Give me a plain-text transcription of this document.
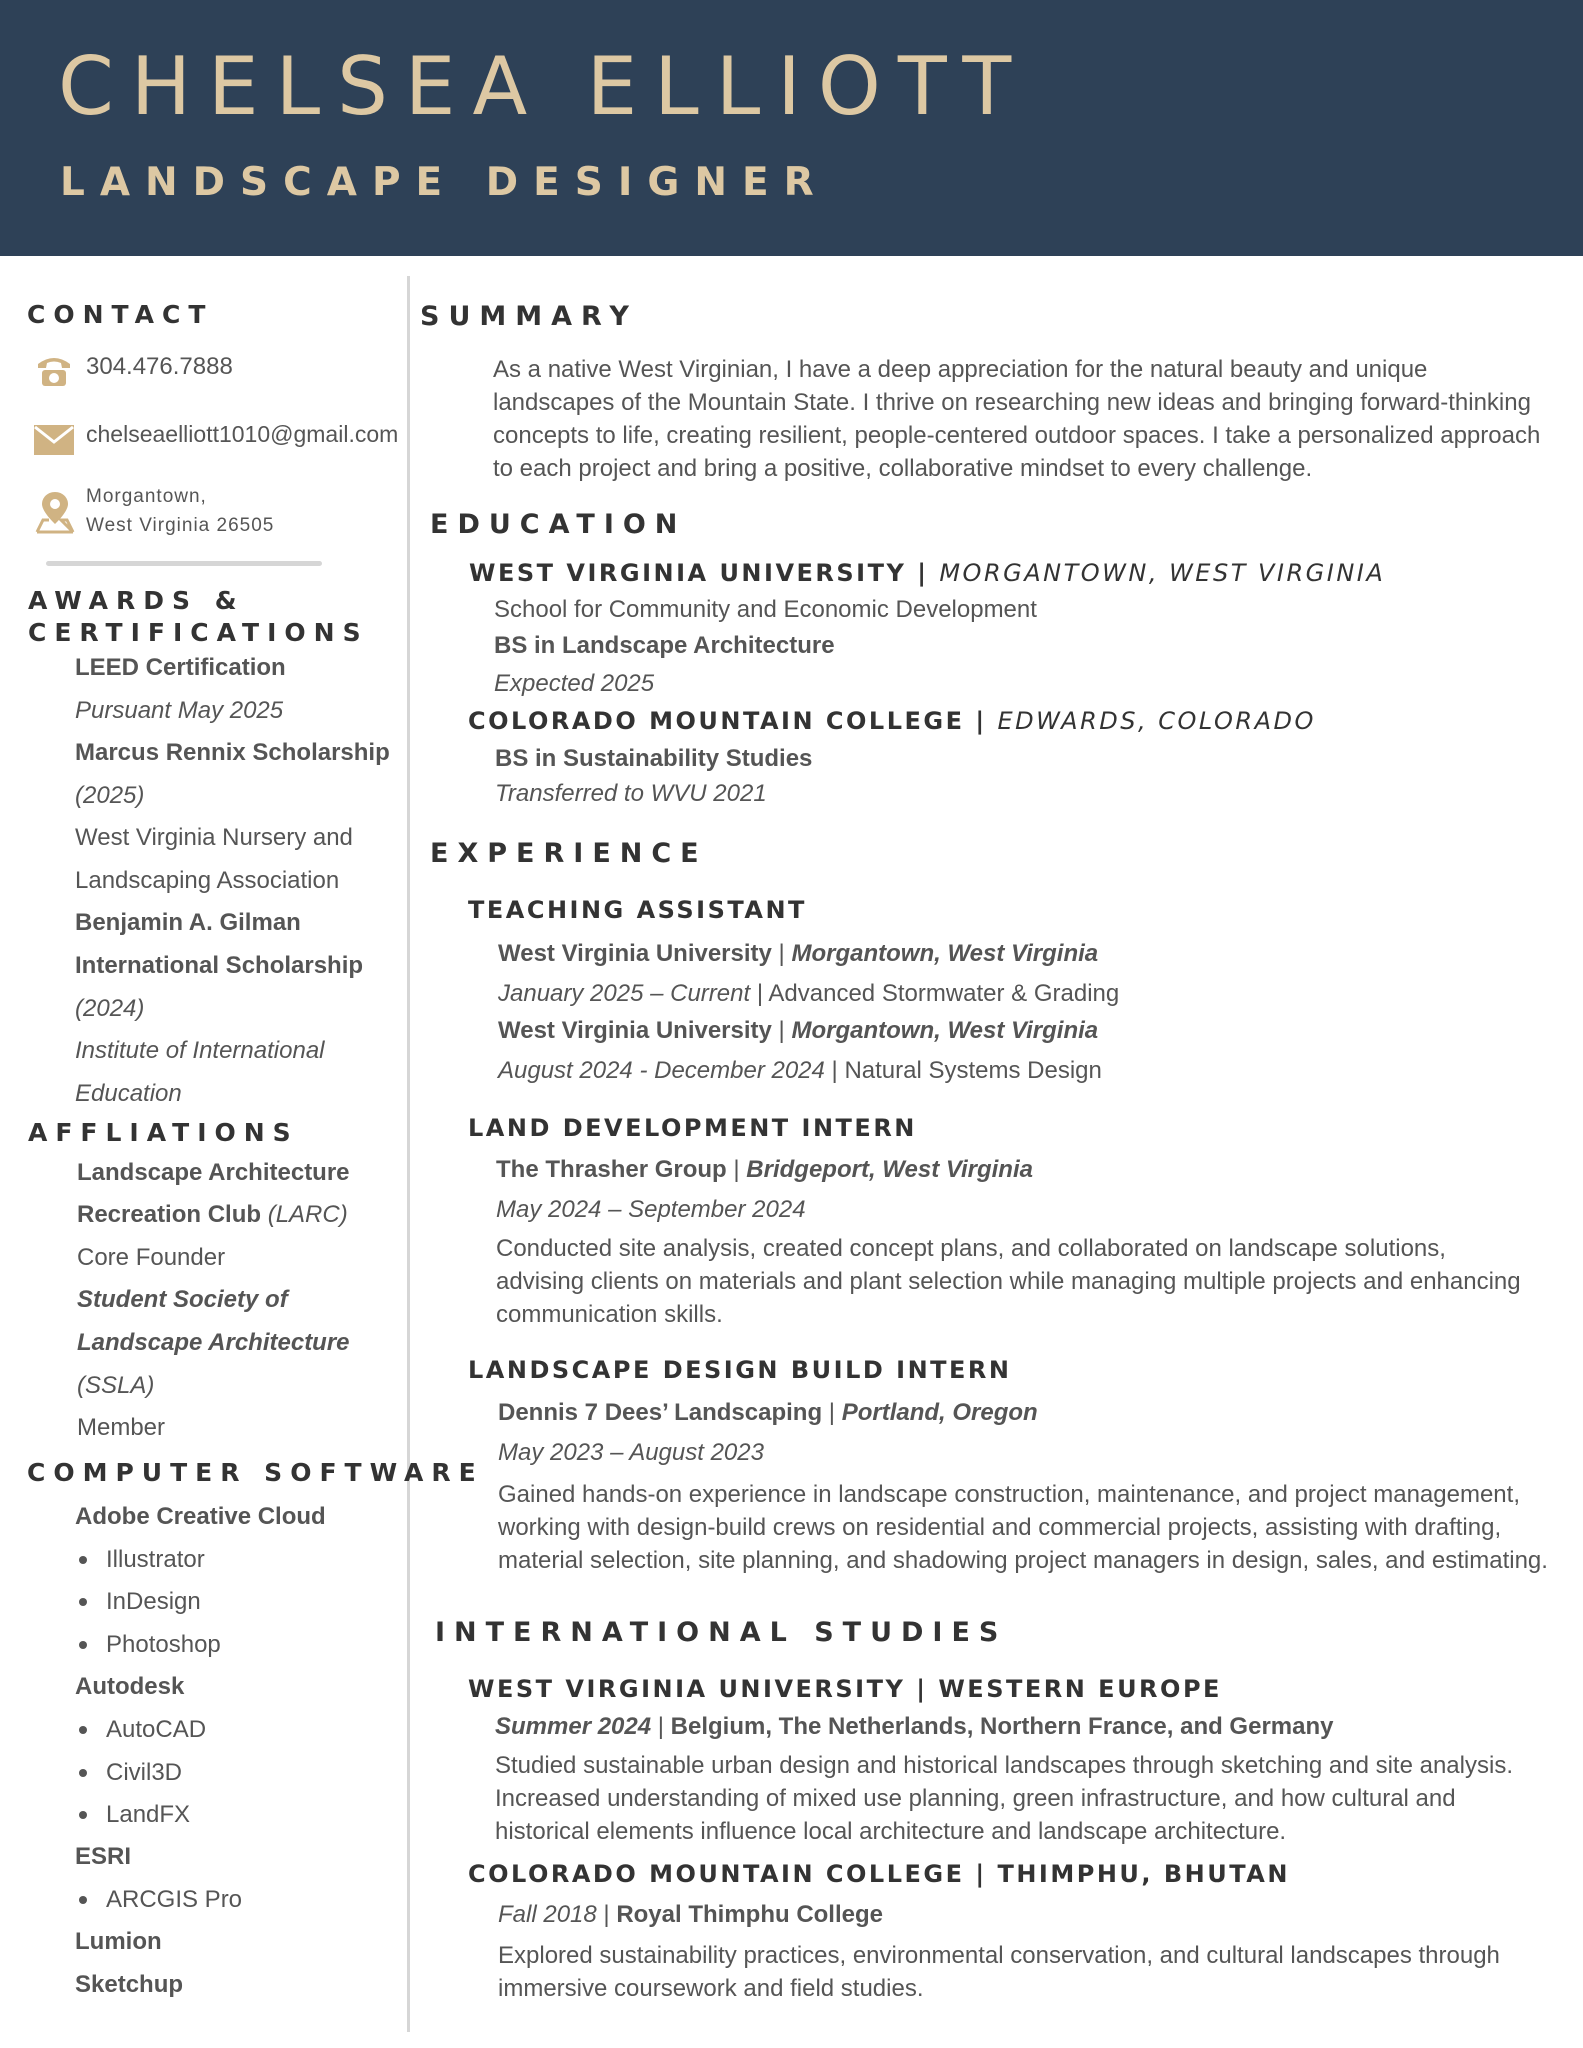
CHELSEA ELLIOTT
LANDSCAPE DESIGNER
CONTACT
304.476.7888
chelseaelliott1010@gmail.com
Morgantown,
West Virginia 26505
AWARDS &
CERTIFICATIONS
LEED Certification
Pursuant May 2025
Marcus Rennix Scholarship
(2025)
West Virginia Nursery and
Landscaping Association
Benjamin A. Gilman
International Scholarship
(2024)
Institute of International
Education
AFFLIATIONS
Landscape Architecture
Recreation Club (LARC)
Core Founder
Student Society of
Landscape Architecture
(SSLA)
Member
COMPUTER SOFTWARE
Adobe Creative Cloud
Illustrator
InDesign
Photoshop
Autodesk
AutoCAD
Civil3D
LandFX
ESRI
ARCGIS Pro
Lumion
Sketchup
SUMMARY
As a native West Virginian, I have a deep appreciation for the natural beauty and unique
landscapes of the Mountain State. I thrive on researching new ideas and bringing forward-thinking
concepts to life, creating resilient, people-centered outdoor spaces. I take a personalized approach
to each project and bring a positive, collaborative mindset to every challenge.
EDUCATION
WEST VIRGINIA UNIVERSITY | MORGANTOWN, WEST VIRGINIA
School for Community and Economic Development
BS in Landscape Architecture
Expected 2025
COLORADO MOUNTAIN COLLEGE | EDWARDS, COLORADO
BS in Sustainability Studies
Transferred to WVU 2021
EXPERIENCE
TEACHING ASSISTANT
West Virginia University | Morgantown, West Virginia
January 2025 – Current | Advanced Stormwater & Grading
West Virginia University | Morgantown, West Virginia
August 2024 - December 2024 | Natural Systems Design
LAND DEVELOPMENT INTERN
The Thrasher Group | Bridgeport, West Virginia
May 2024 – September 2024
Conducted site analysis, created concept plans, and collaborated on landscape solutions,
advising clients on materials and plant selection while managing multiple projects and enhancing
communication skills.
LANDSCAPE DESIGN BUILD INTERN
Dennis 7 Dees’ Landscaping | Portland, Oregon
May 2023 – August 2023
Gained hands-on experience in landscape construction, maintenance, and project management,
working with design-build crews on residential and commercial projects, assisting with drafting,
material selection, site planning, and shadowing project managers in design, sales, and estimating.
INTERNATIONAL STUDIES
WEST VIRGINIA UNIVERSITY | WESTERN EUROPE
Summer 2024 | Belgium, The Netherlands, Northern France, and Germany
Studied sustainable urban design and historical landscapes through sketching and site analysis.
Increased understanding of mixed use planning, green infrastructure, and how cultural and
historical elements influence local architecture and landscape architecture.
COLORADO MOUNTAIN COLLEGE | THIMPHU, BHUTAN
Fall 2018 | Royal Thimphu College
Explored sustainability practices, environmental conservation, and cultural landscapes through
immersive coursework and field studies.
